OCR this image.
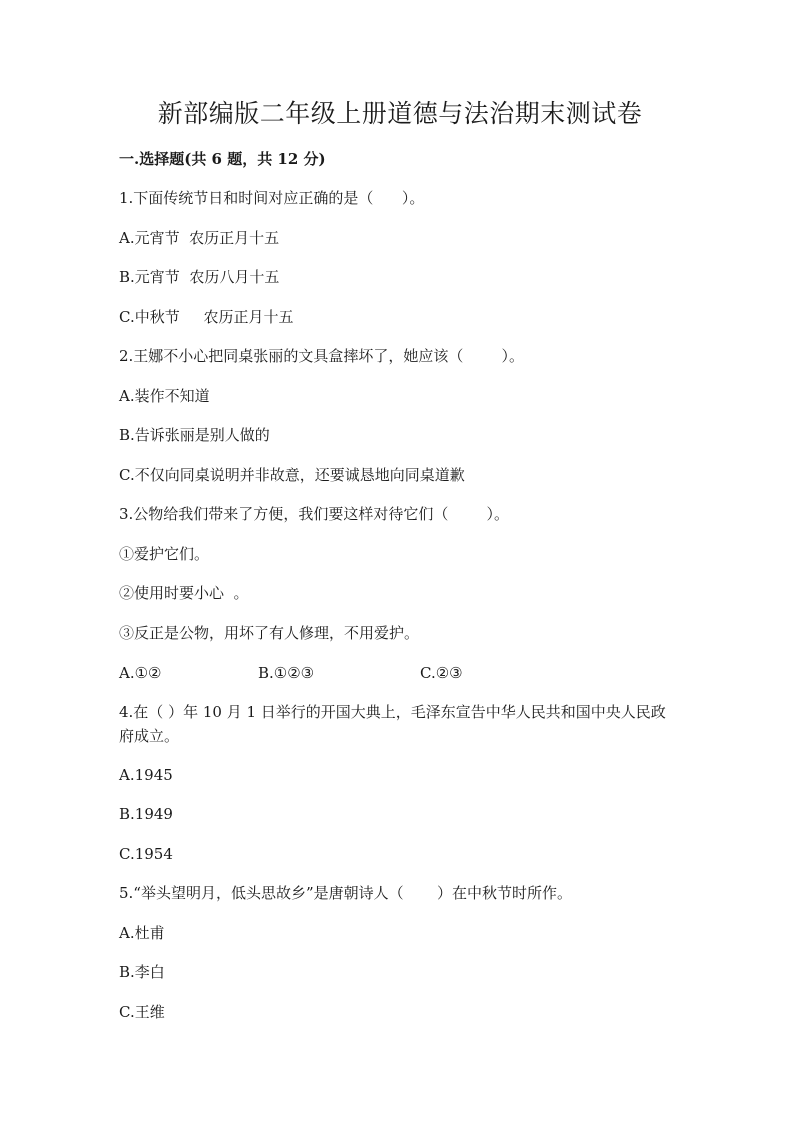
新部编版二年级上册道德与法治期末测试卷
一.选择题(共 6 题，共 12 分)
1.下面传统节日和时间对应正确的是（      ）。
A.元宵节  农历正月十五
B.元宵节  农历八月十五
C.中秋节     农历正月十五
2.王娜不小心把同桌张丽的文具盒摔坏了，她应该（        ）。
A.装作不知道
B.告诉张丽是别人做的
C.不仅向同桌说明并非故意，还要诚恳地向同桌道歉
3.公物给我们带来了方便，我们要这样对待它们（        ）。
①爱护它们。
②使用时要小心  。
③反正是公物，用坏了有人修理，不用爱护。
A.①②	B.①②③	C.②③
4.在（ ）年 10 月 1 日举行的开国大典上，毛泽东宣告中华人民共和国中央人民政府成立。
A.1945
B.1949
C.1954
5.“举头望明月，低头思故乡”是唐朝诗人（       ）在中秋节时所作。
A.杜甫
B.李白
C.王维
